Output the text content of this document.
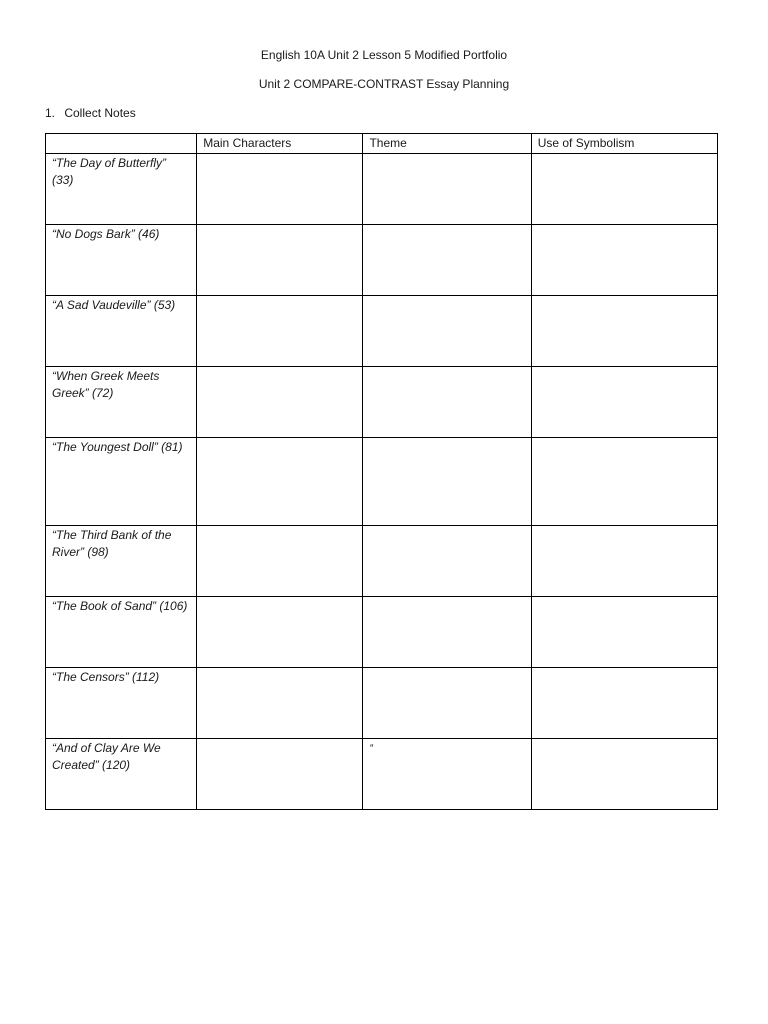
English 10A Unit 2 Lesson 5 Modified Portfolio
Unit 2 COMPARE-CONTRAST Essay Planning
1. Collect Notes
	Main Characters	Theme	Use of Symbolism
“The Day of Butterfly” (33)			
“No Dogs Bark” (46)			
“A Sad Vaudeville” (53)			
“When Greek Meets Greek” (72)			
“The Youngest Doll” (81)			
“The Third Bank of the River” (98)			
“The Book of Sand” (106)			
“The Censors” (112)			
“And of Clay Are We Created” (120)		“	
